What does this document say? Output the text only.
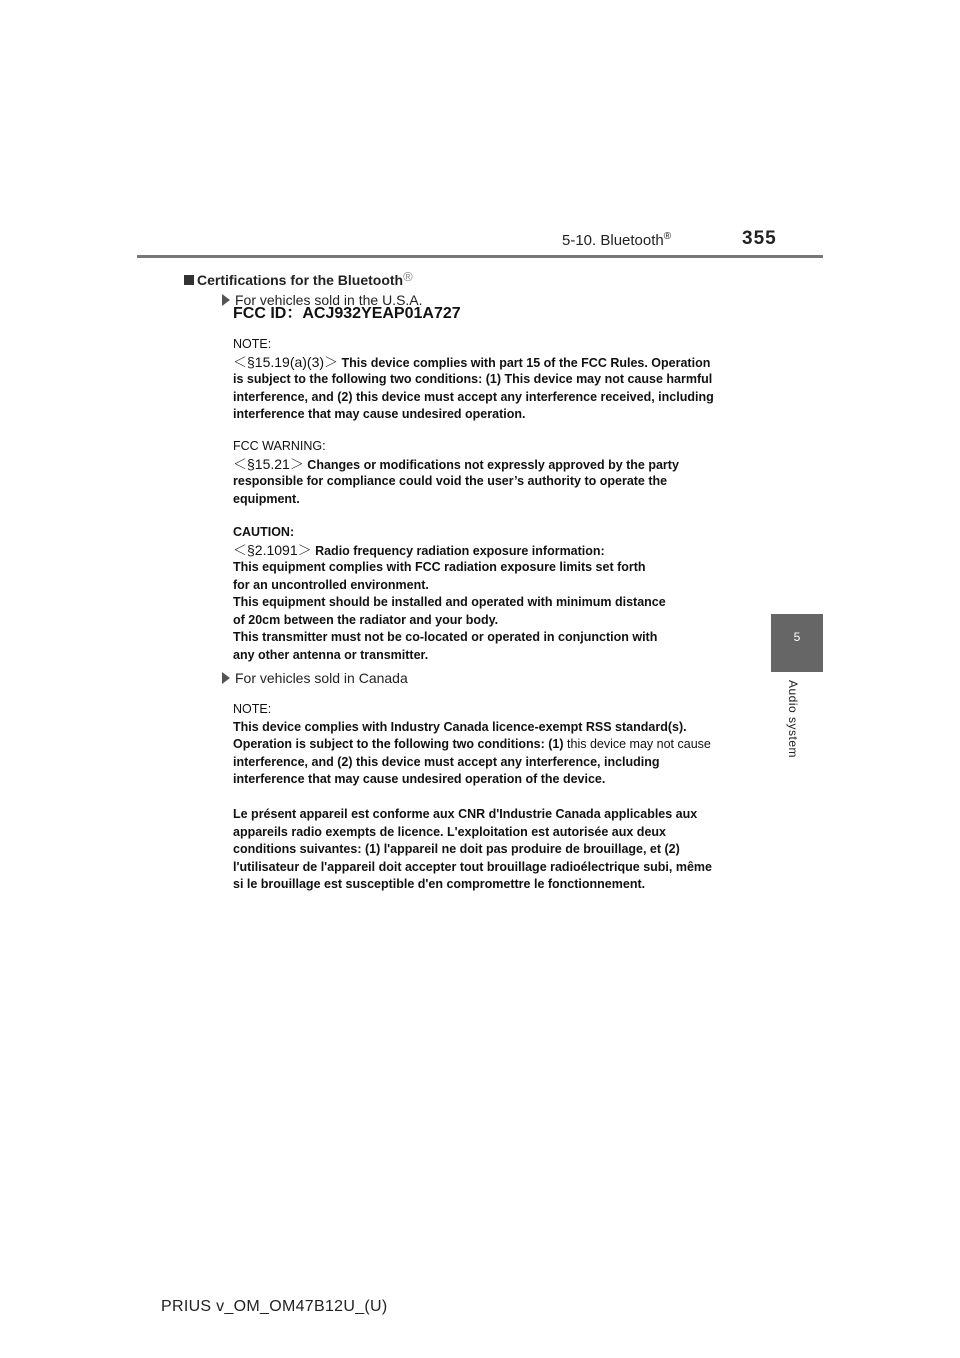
5-10. Bluetooth®	355
5
Audio system
Certifications for the Bluetooth®
For vehicles sold in the U.S.A.
FCC ID：ACJ932YEAP01A727
NOTE:
＜§15.19(a)(3)＞ This device complies with part 15 of the FCC Rules. Operation
is subject to the following two conditions: (1) This device may not cause harmful
interference, and (2) this device must accept any interference received, including
interference that may cause undesired operation.
FCC WARNING:
＜§15.21＞ Changes or modifications not expressly approved by the party
responsible for compliance could void the user’s authority to operate the
equipment.
CAUTION:
＜§2.1091＞ Radio frequency radiation exposure information:
This equipment complies with FCC radiation exposure limits set forth
for an uncontrolled environment.
This equipment should be installed and operated with minimum distance
of 20cm between the radiator and your body.
This transmitter must not be co-located or operated in conjunction with
any other antenna or transmitter.
For vehicles sold in Canada
NOTE:
This device complies with Industry Canada licence-exempt RSS standard(s).
Operation is subject to the following two conditions: (1) this device may not cause
interference, and (2) this device must accept any interference, including
interference that may cause undesired operation of the device.
Le présent appareil est conforme aux CNR d'Industrie Canada applicables aux
appareils radio exempts de licence. L'exploitation est autorisée aux deux
conditions suivantes: (1) l'appareil ne doit pas produire de brouillage, et (2)
l'utilisateur de l'appareil doit accepter tout brouillage radioélectrique subi, même
si le brouillage est susceptible d'en compromettre le fonctionnement.
PRIUS v_OM_OM47B12U_(U)
